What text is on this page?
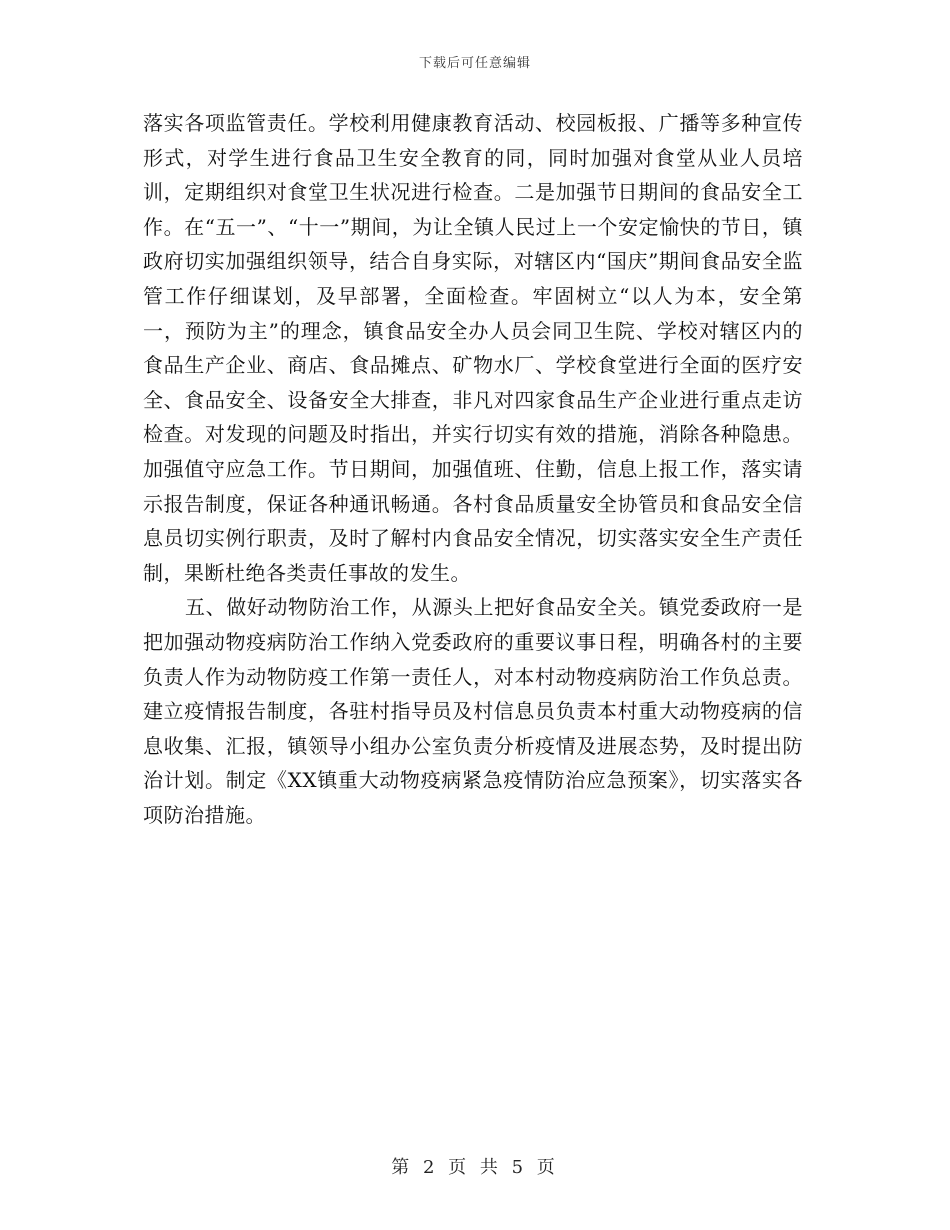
下载后可任意编辑

落实各项监管责任。学校利用健康教育活动、校园板报、广播等多种宣传形式，对学生进行食品卫生安全教育的同，同时加强对食堂从业人员培训，定期组织对食堂卫生状况进行检查。二是加强节日期间的食品安全工作。在“五一”、“十一”期间，为让全镇人民过上一个安定愉快的节日，镇政府切实加强组织领导，结合自身实际，对辖区内“国庆”期间食品安全监管工作仔细谋划，及早部署，全面检查。牢固树立“以人为本，安全第一，预防为主”的理念，镇食品安全办人员会同卫生院、学校对辖区内的食品生产企业、商店、食品摊点、矿物水厂、学校食堂进行全面的医疗安全、食品安全、设备安全大排查，非凡对四家食品生产企业进行重点走访检查。对发现的问题及时指出，并实行切实有效的措施，消除各种隐患。加强值守应急工作。节日期间，加强值班、住勤，信息上报工作，落实请示报告制度，保证各种通讯畅通。各村食品质量安全协管员和食品安全信息员切实例行职责，及时了解村内食品安全情况，切实落实安全生产责任制，果断杜绝各类责任事故的发生。

五、做好动物防治工作，从源头上把好食品安全关。镇党委政府一是把加强动物疫病防治工作纳入党委政府的重要议事日程，明确各村的主要负责人作为动物防疫工作第一责任人，对本村动物疫病防治工作负总责。建立疫情报告制度，各驻村指导员及村信息员负责本村重大动物疫病的信息收集、汇报，镇领导小组办公室负责分析疫情及进展态势，及时提出防治计划。制定《XX镇重大动物疫病紧急疫情防治应急预案》，切实落实各项防治措施。

第 2 页 共 5 页
